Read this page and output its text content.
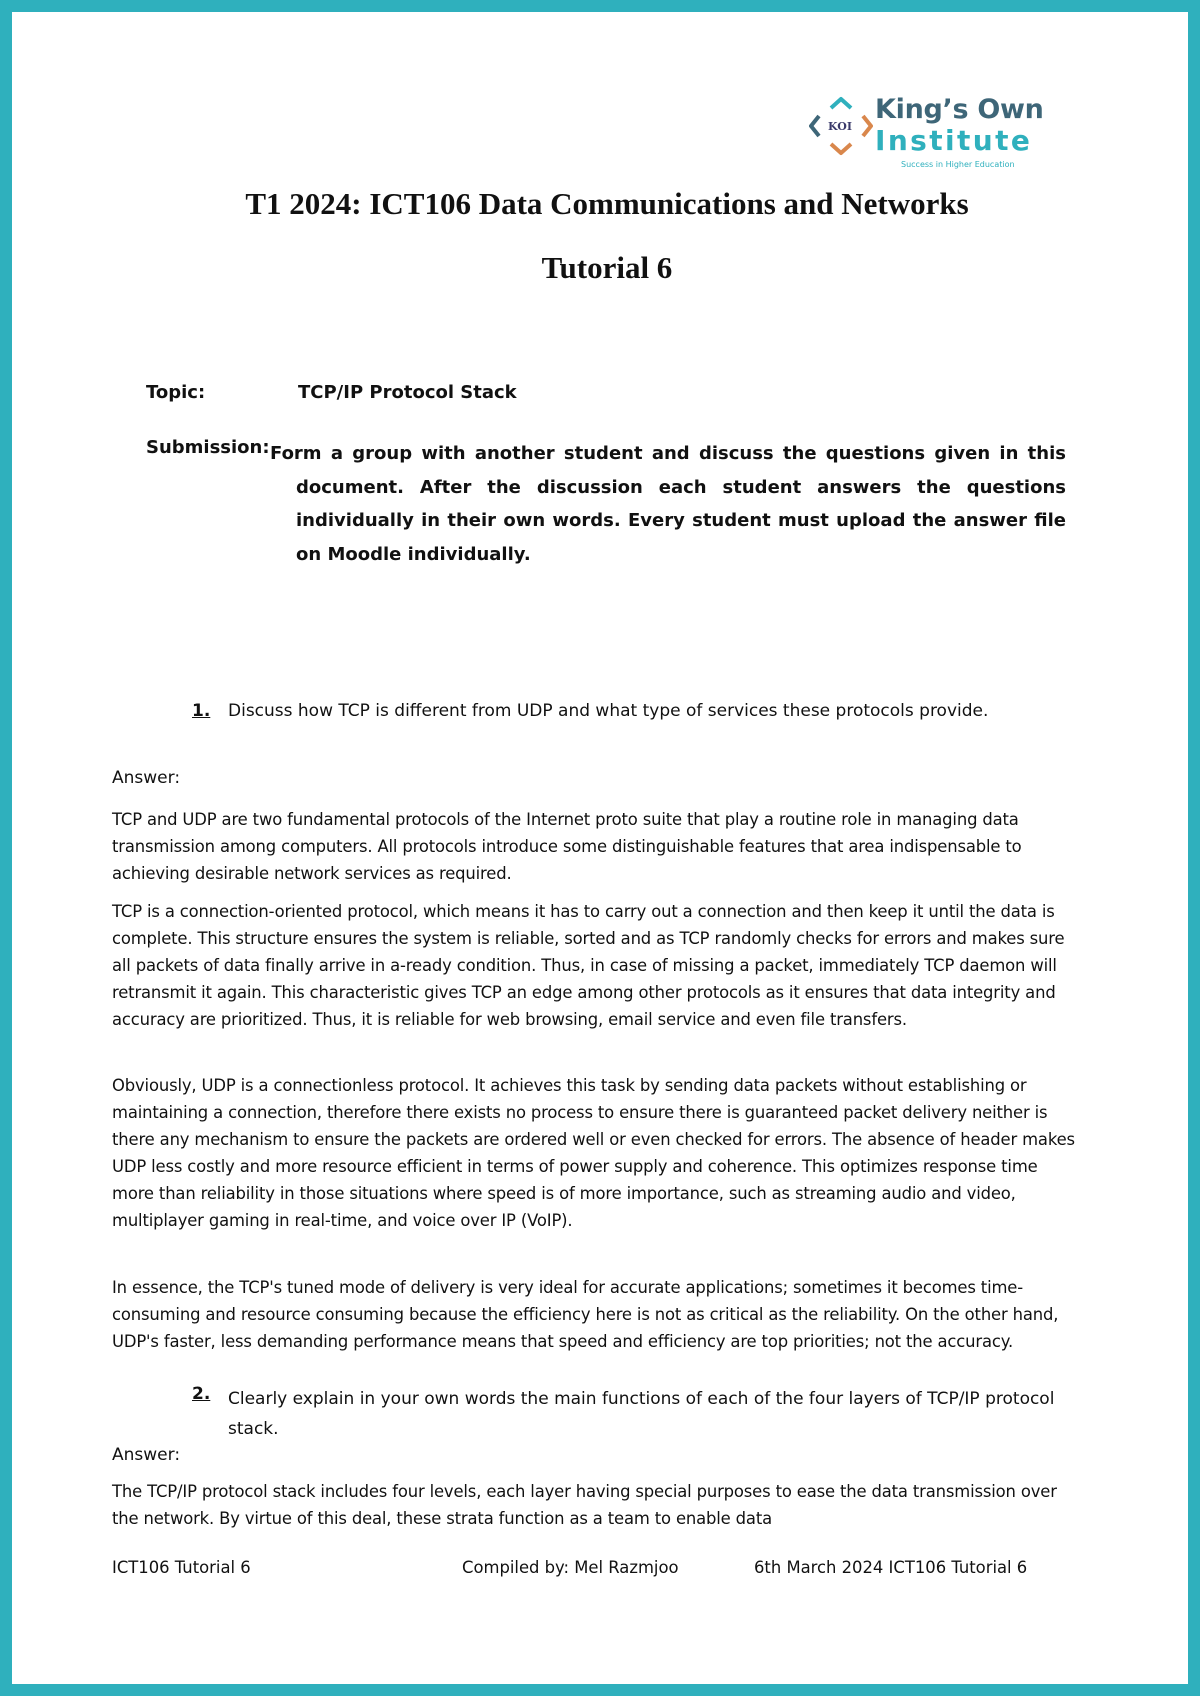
KOI
King’s Own
Institute
Success in Higher Education
T1 2024: ICT106 Data Communications and Networks
Tutorial 6
Topic:	TCP/IP Protocol Stack
Submission: Form a group with another student and discuss the questions given in this document. After the discussion each student answers the questions individually in their own words. Every student must upload the answer file on Moodle individually.
1. Discuss how TCP is different from UDP and what type of services these protocols provide.
Answer:
TCP and UDP are two fundamental protocols of the Internet proto suite that play a routine role in managing data transmission among computers. All protocols introduce some distinguishable features that area indispensable to achieving desirable network services as required.
TCP is a connection-oriented protocol, which means it has to carry out a connection and then keep it until the data is complete. This structure ensures the system is reliable, sorted and as TCP randomly checks for errors and makes sure all packets of data finally arrive in a-ready condition. Thus, in case of missing a packet, immediately TCP daemon will retransmit it again. This characteristic gives TCP an edge among other protocols as it ensures that data integrity and accuracy are prioritized. Thus, it is reliable for web browsing, email service and even file transfers.
Obviously, UDP is a connectionless protocol. It achieves this task by sending data packets without establishing or maintaining a connection, therefore there exists no process to ensure there is guaranteed packet delivery neither is there any mechanism to ensure the packets are ordered well or even checked for errors. The absence of header makes UDP less costly and more resource efficient in terms of power supply and coherence. This optimizes response time more than reliability in those situations where speed is of more importance, such as streaming audio and video, multiplayer gaming in real-time, and voice over IP (VoIP).
In essence, the TCP's tuned mode of delivery is very ideal for accurate applications; sometimes it becomes time-consuming and resource consuming because the efficiency here is not as critical as the reliability. On the other hand, UDP's faster, less demanding performance means that speed and efficiency are top priorities; not the accuracy.
2. Clearly explain in your own words the main functions of each of the four layers of TCP/IP protocol stack.
Answer:
The TCP/IP protocol stack includes four levels, each layer having special purposes to ease the data transmission over the network. By virtue of this deal, these strata function as a team to enable data
ICT106 Tutorial 6	Compiled by: Mel Razmjoo	6th March 2024 ICT106 Tutorial 6
